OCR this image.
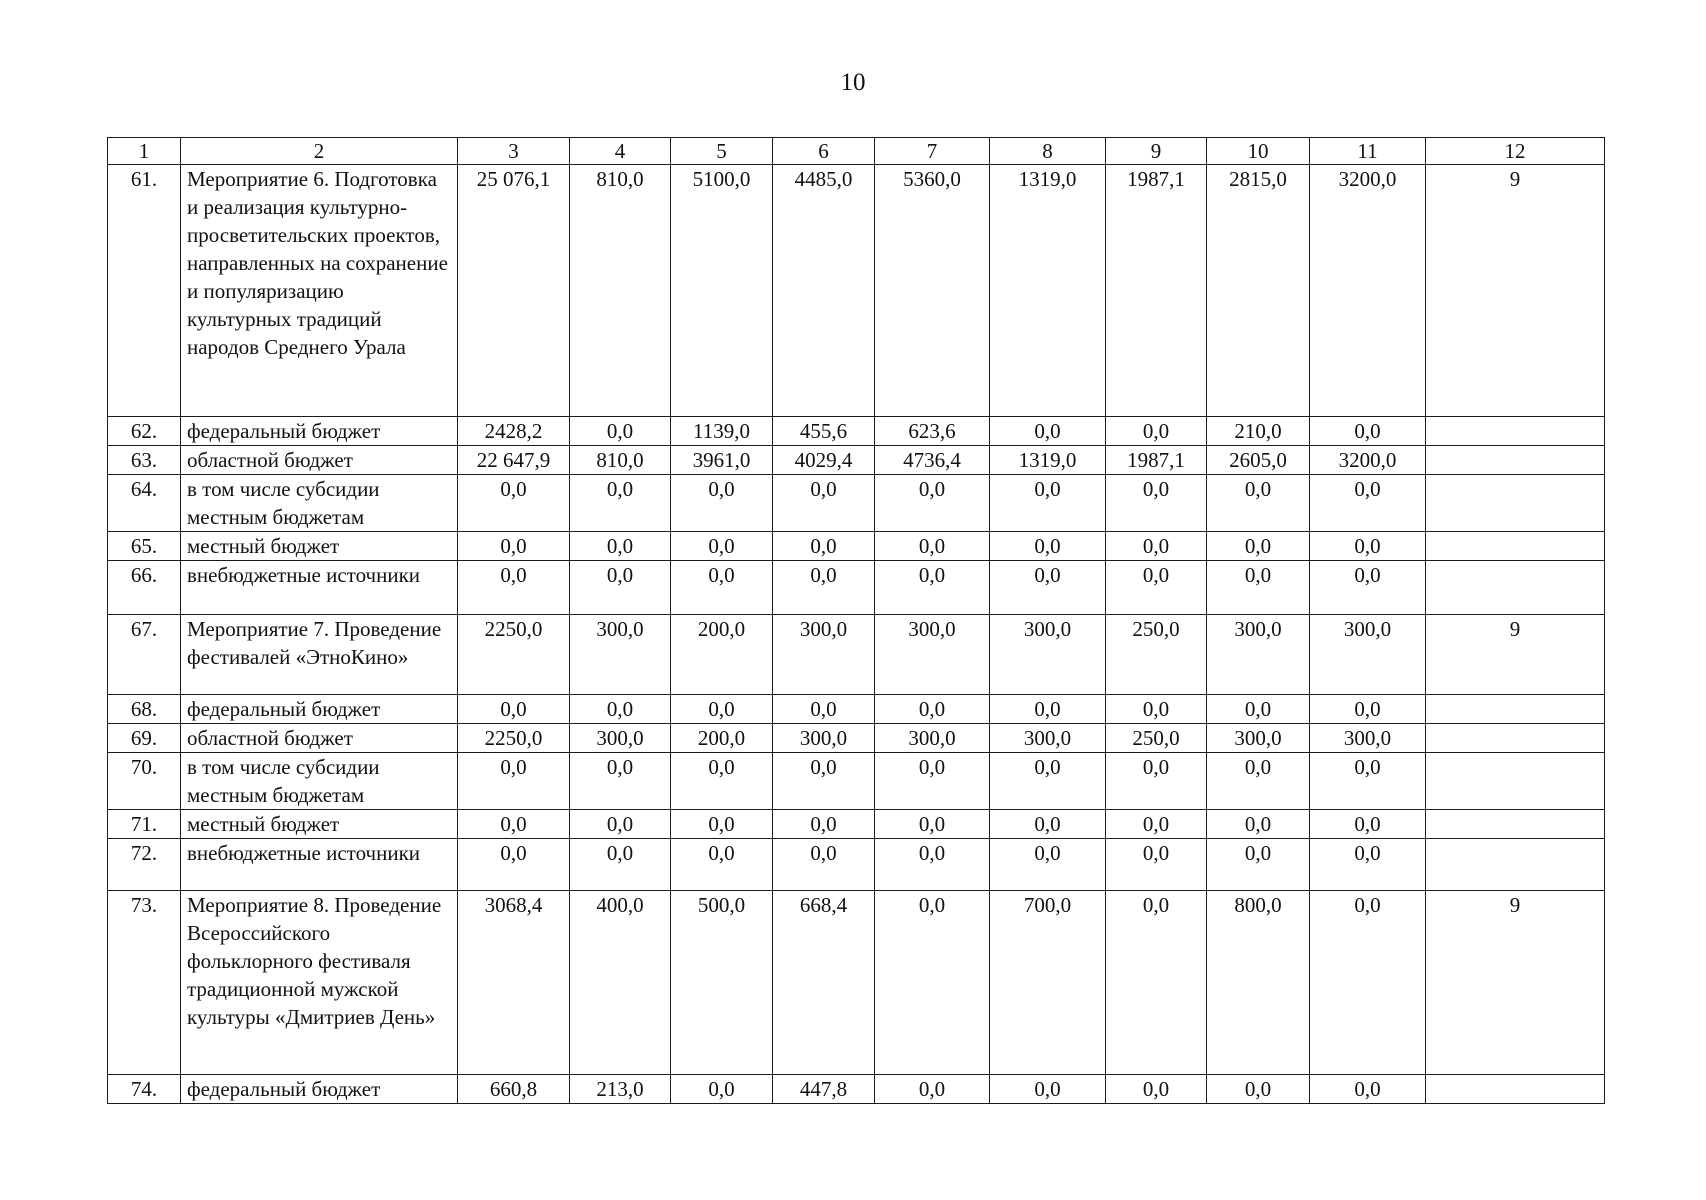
10
1	2	3	4	5	6	7	8	9	10	11	12
61.	Мероприятие 6. Подготовка и реализация культурно-просветительских проектов, направленных на сохранение и популяризацию культурных традиций народов Среднего Урала	25 076,1	810,0	5100,0	4485,0	5360,0	1319,0	1987,1	2815,0	3200,0	9
62.	федеральный бюджет	2428,2	0,0	1139,0	455,6	623,6	0,0	0,0	210,0	0,0	
63.	областной бюджет	22 647,9	810,0	3961,0	4029,4	4736,4	1319,0	1987,1	2605,0	3200,0	
64.	в том числе субсидии местным бюджетам	0,0	0,0	0,0	0,0	0,0	0,0	0,0	0,0	0,0	
65.	местный бюджет	0,0	0,0	0,0	0,0	0,0	0,0	0,0	0,0	0,0	
66.	внебюджетные источники	0,0	0,0	0,0	0,0	0,0	0,0	0,0	0,0	0,0	
67.	Мероприятие 7. Проведение фестивалей «ЭтноКино»	2250,0	300,0	200,0	300,0	300,0	300,0	250,0	300,0	300,0	9
68.	федеральный бюджет	0,0	0,0	0,0	0,0	0,0	0,0	0,0	0,0	0,0	
69.	областной бюджет	2250,0	300,0	200,0	300,0	300,0	300,0	250,0	300,0	300,0	
70.	в том числе субсидии местным бюджетам	0,0	0,0	0,0	0,0	0,0	0,0	0,0	0,0	0,0	
71.	местный бюджет	0,0	0,0	0,0	0,0	0,0	0,0	0,0	0,0	0,0	
72.	внебюджетные источники	0,0	0,0	0,0	0,0	0,0	0,0	0,0	0,0	0,0	
73.	Мероприятие 8. Проведение Всероссийского фольклорного фестиваля традиционной мужской культуры «Дмитриев День»	3068,4	400,0	500,0	668,4	0,0	700,0	0,0	800,0	0,0	9
74.	федеральный бюджет	660,8	213,0	0,0	447,8	0,0	0,0	0,0	0,0	0,0	
